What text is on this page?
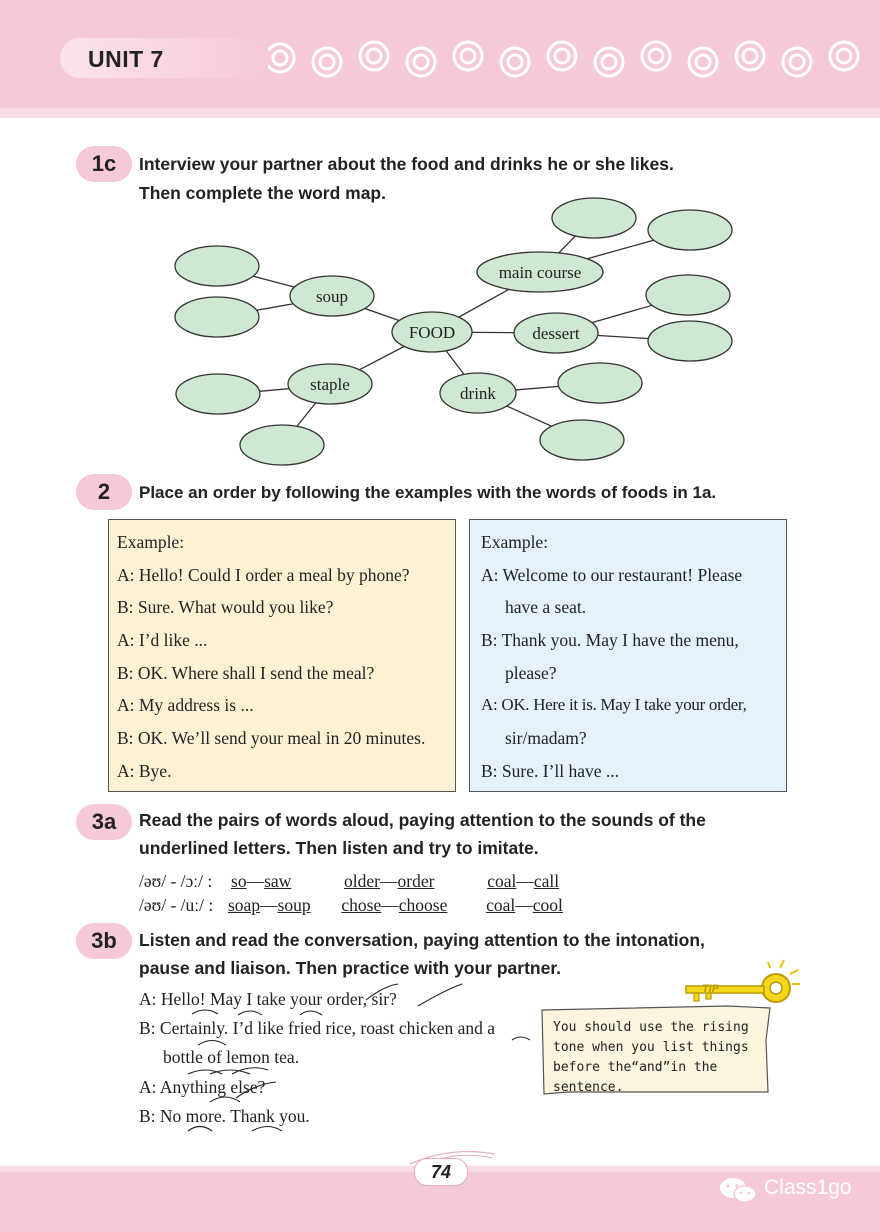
UNIT 7
1c	Interview your partner about the food and drinks he or she likes.
Then complete the word map.
FOOD
soup
main course
dessert
drink
staple
2	Place an order by following the examples with the words of foods in 1a.
Example:
A: Hello! Could I order a meal by phone?
B: Sure. What would you like?
A: I’d like ...
B: OK. Where shall I send the meal?
A: My address is ...
B: OK. We’ll send your meal in 20 minutes.
A: Bye.
Example:
A: Welcome to our restaurant! Please
have a seat.
B: Thank you. May I have the menu,
please?
A: OK. Here it is. May I take your order,
sir/madam?
B: Sure. I’ll have ...
3a	Read the pairs of words aloud, paying attention to the sounds of the
underlined letters. Then listen and try to imitate.
/əʊ/ - /ɔː/ : so—saw	older—order	coal—call
/əʊ/ - /uː/ : soap—soup chose—choose coal—cool
3b	Listen and read the conversation, paying attention to the intonation,
pause and liaison. Then practice with your partner.
A: Hello! May I take your order, sir?
B: Certainly. I’d like fried rice, roast chicken and a
bottle of lemon tea.
A: Anything else?
B: No more. Thank you.
TIP
You should use the rising tone when you list things before the“and”in the sentence.
74
Class1go
